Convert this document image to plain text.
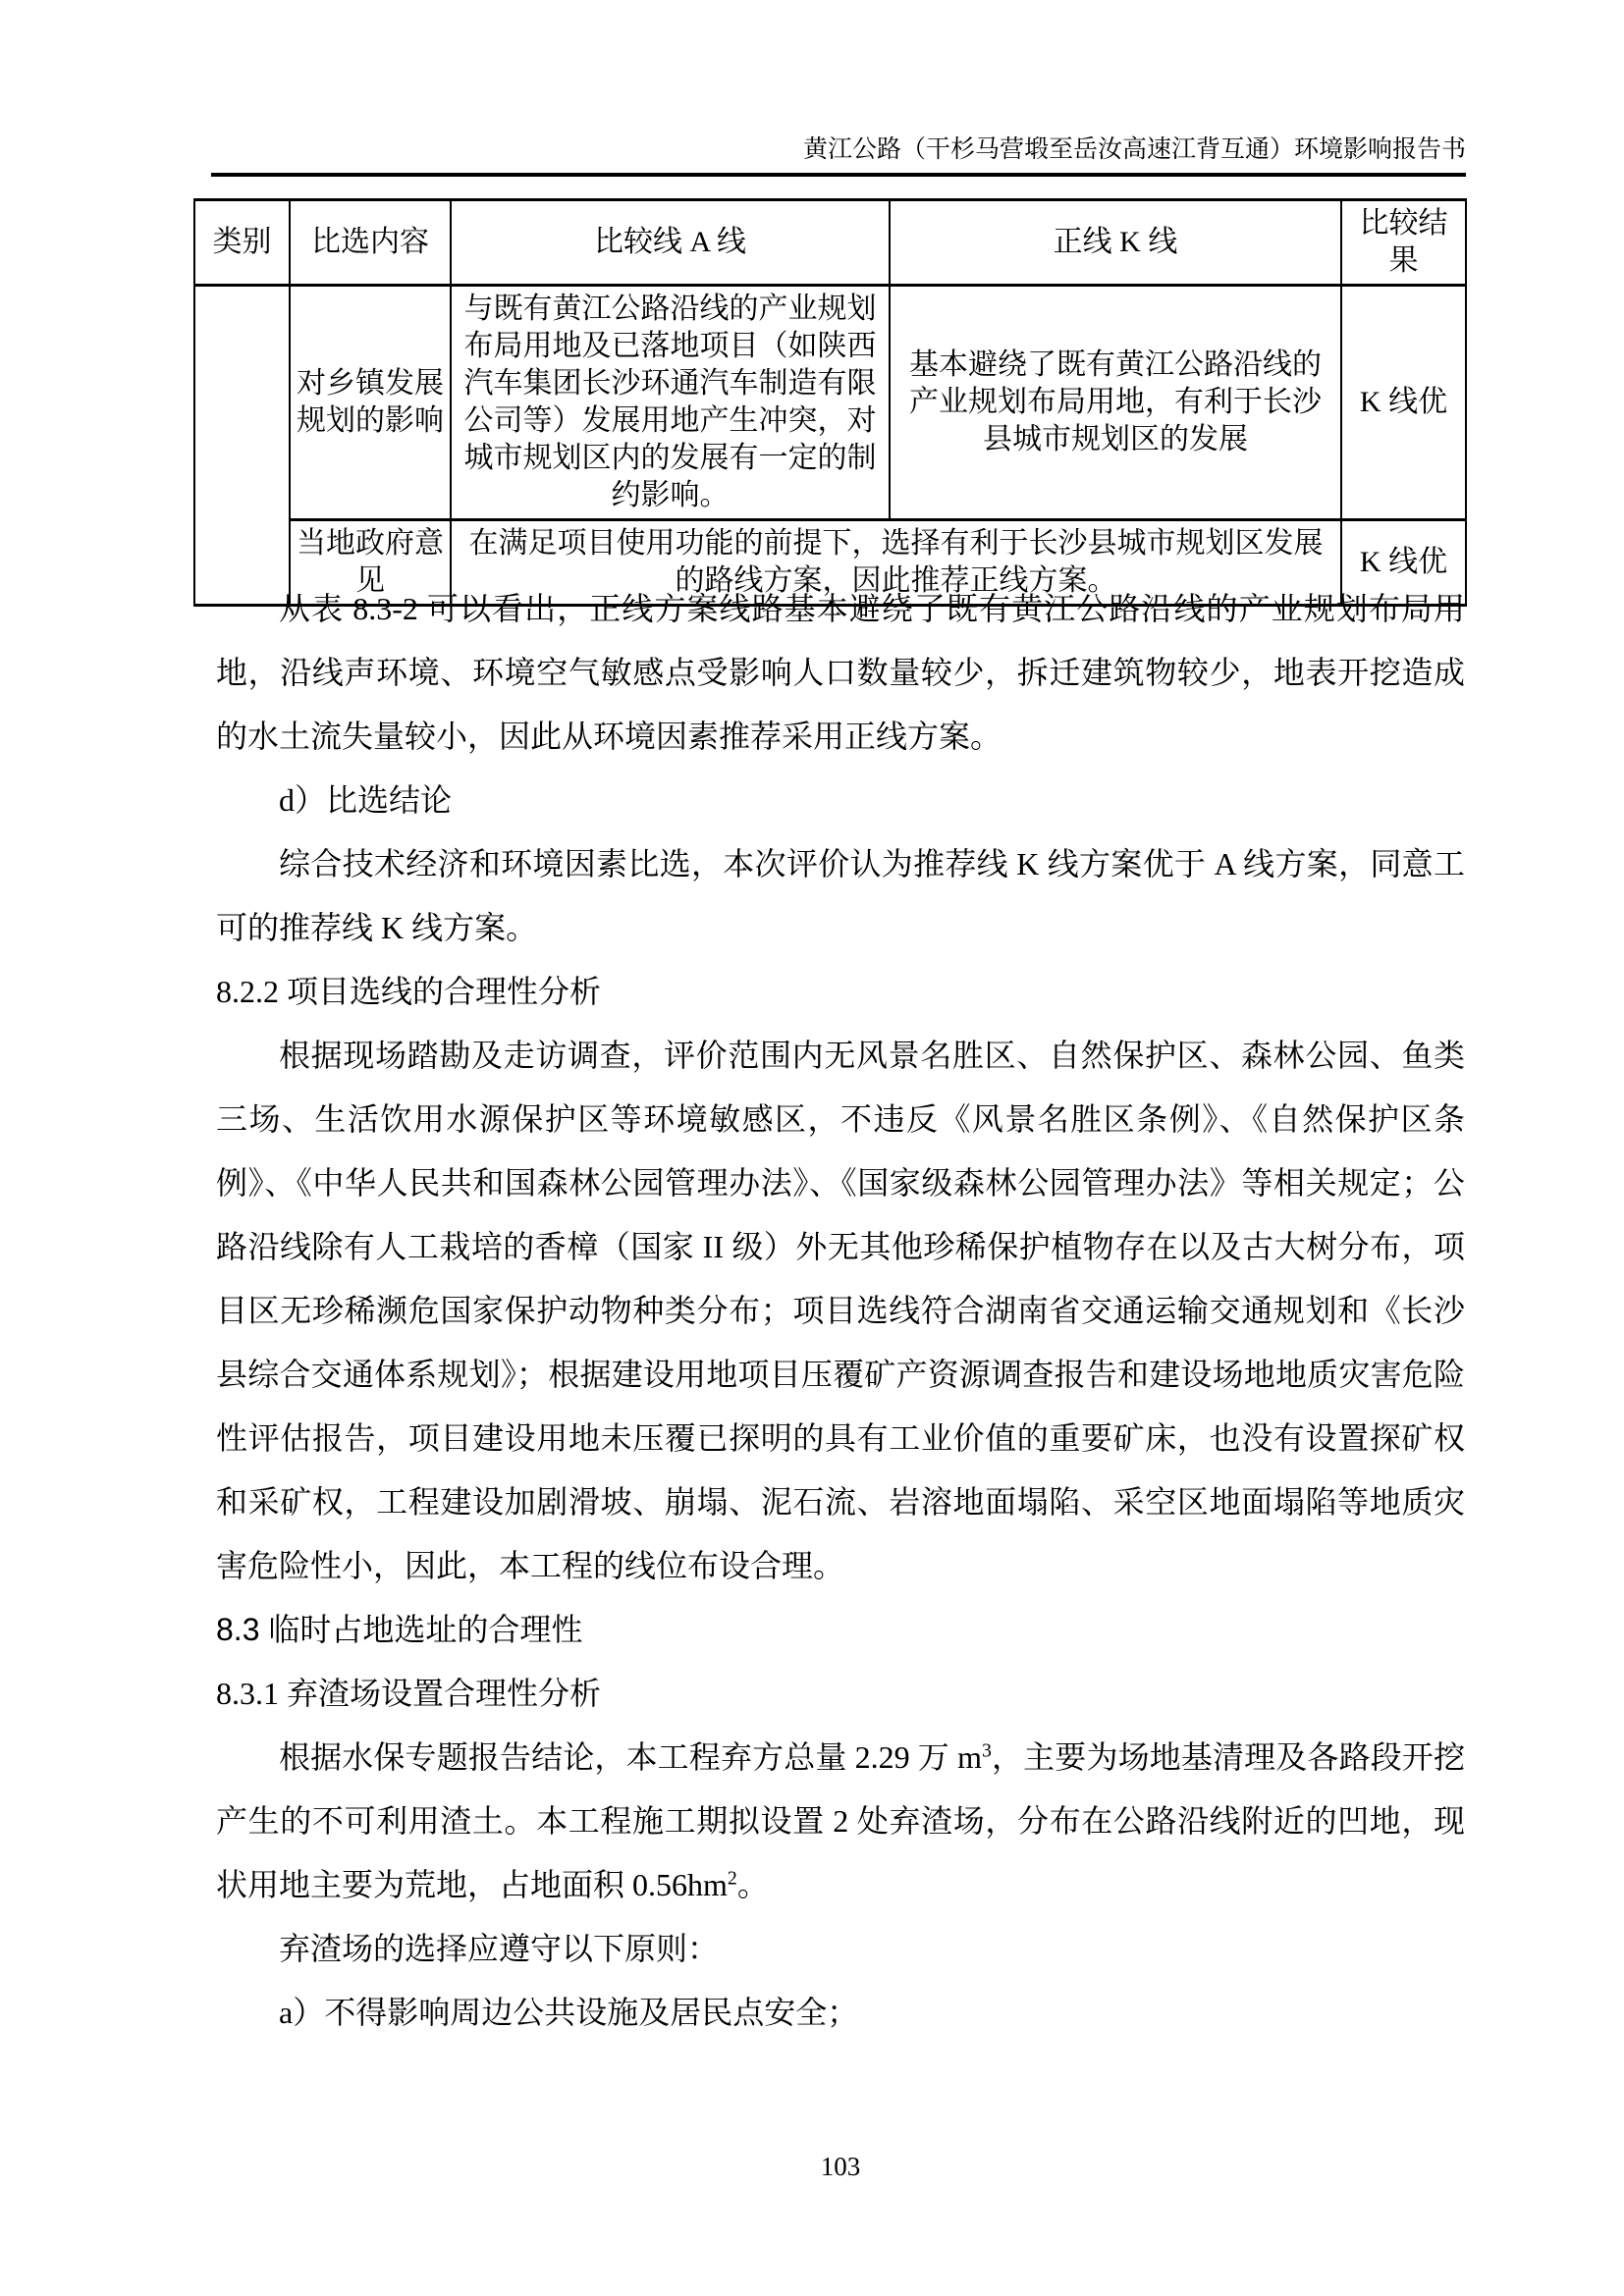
黄江公路（干杉马营塅至岳汝高速江背互通）环境影响报告书
类别	比选内容	比较线 A 线	正线 K 线	比较结果
	对乡镇发展规划的影响	与既有黄江公路沿线的产业规划布局用地及已落地项目（如陕西汽车集团长沙环通汽车制造有限公司等）发展用地产生冲突，对城市规划区内的发展有一定的制约影响。	基本避绕了既有黄江公路沿线的产业规划布局用地，有利于长沙县城市规划区的发展	K 线优
	当地政府意见	在满足项目使用功能的前提下，选择有利于长沙县城市规划区发展的路线方案，因此推荐正线方案。		K 线优

从表 8.3-2 可以看出，正线方案线路基本避绕了既有黄江公路沿线的产业规划布局用地，沿线声环境、环境空气敏感点受影响人口数量较少，拆迁建筑物较少，地表开挖造成的水土流失量较小，因此从环境因素推荐采用正线方案。

d）比选结论

综合技术经济和环境因素比选，本次评价认为推荐线 K 线方案优于 A 线方案，同意工可的推荐线 K 线方案。

8.2.2 项目选线的合理性分析

根据现场踏勘及走访调查，评价范围内无风景名胜区、自然保护区、森林公园、鱼类三场、生活饮用水源保护区等环境敏感区，不违反《风景名胜区条例》、《自然保护区条例》、《中华人民共和国森林公园管理办法》、《国家级森林公园管理办法》等相关规定；公路沿线除有人工栽培的香樟（国家 II 级）外无其他珍稀保护植物存在以及古大树分布，项目区无珍稀濒危国家保护动物种类分布；项目选线符合湖南省交通运输交通规划和《长沙县综合交通体系规划》；根据建设用地项目压覆矿产资源调查报告和建设场地地质灾害危险性评估报告，项目建设用地未压覆已探明的具有工业价值的重要矿床，也没有设置探矿权和采矿权，工程建设加剧滑坡、崩塌、泥石流、岩溶地面塌陷、采空区地面塌陷等地质灾害危险性小，因此，本工程的线位布设合理。

8.3 临时占地选址的合理性
8.3.1 弃渣场设置合理性分析

根据水保专题报告结论，本工程弃方总量 2.29 万 $m^3$，主要为场地基清理及各路段开挖产生的不可利用渣土。本工程施工期拟设置 2 处弃渣场，分布在公路沿线附近的凹地，现状用地主要为荒地，占地面积 $0.56hm^2$。

弃渣场的选择应遵守以下原则：

a）不得影响周边公共设施及居民点安全；

103
